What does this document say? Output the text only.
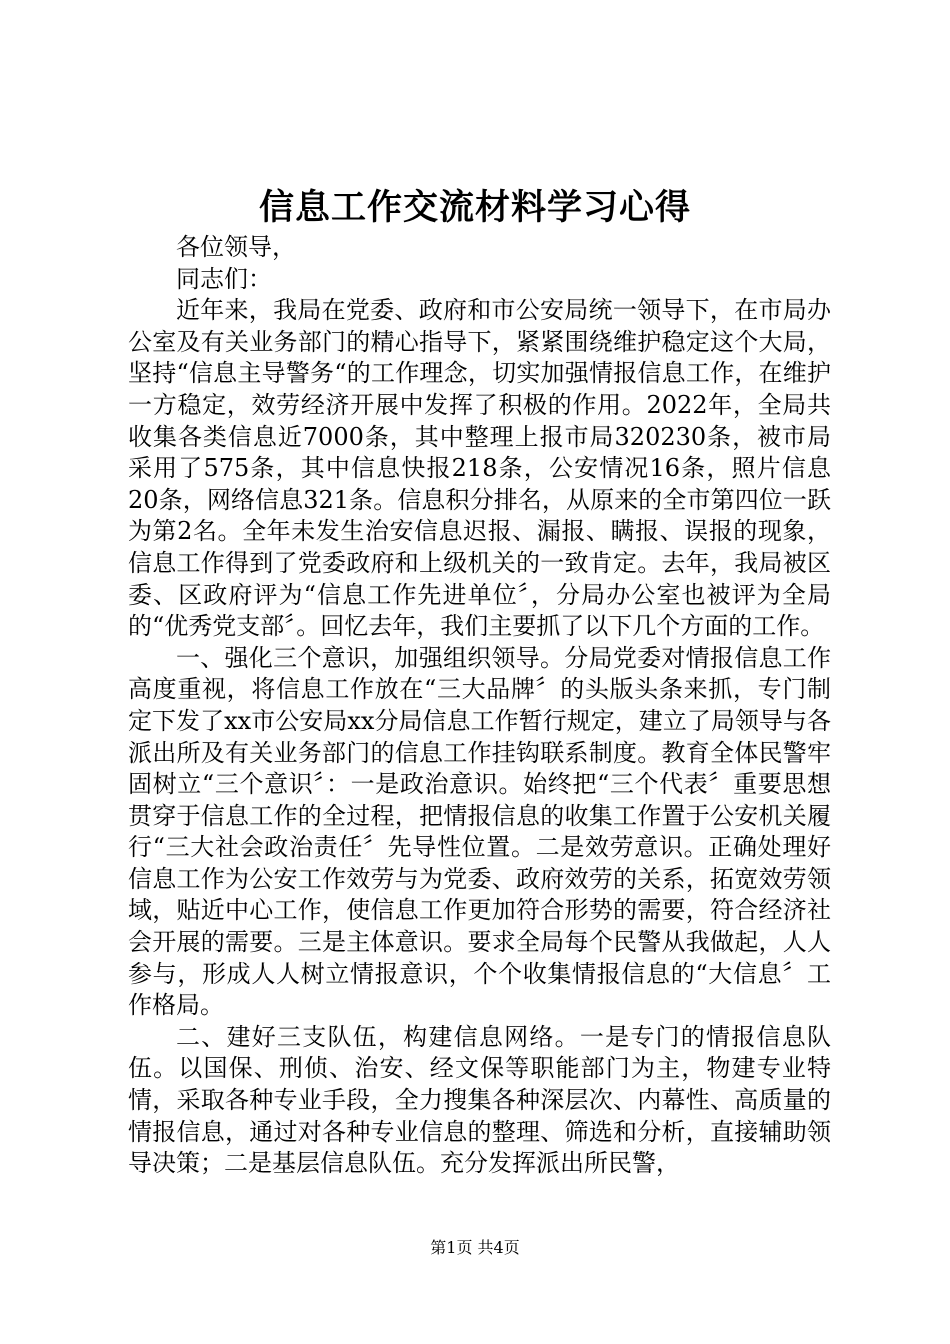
信息工作交流材料学习心得

各位领导，

同志们：

近年来，我局在党委、政府和市公安局统一领导下，在市局办公室及有关业务部门的精心指导下，紧紧围绕维护稳定这个大局，坚持“信息主导警务“的工作理念，切实加强情报信息工作，在维护一方稳定，效劳经济开展中发挥了积极的作用。2022年，全局共收集各类信息近7000条，其中整理上报市局320230条，被市局采用了575条，其中信息快报218条，公安情况16条，照片信息20条，网络信息321条。信息积分排名，从原来的全市第四位一跃为第2名。全年未发生治安信息迟报、漏报、瞒报、误报的现象，信息工作得到了党委政府和上级机关的一致肯定。去年，我局被区委、区政府评为“信息工作先进单位〞，分局办公室也被评为全局的“优秀党支部〞。回忆去年，我们主要抓了以下几个方面的工作。

一、强化三个意识，加强组织领导。分局党委对情报信息工作高度重视，将信息工作放在“三大品牌〞的头版头条来抓，专门制定下发了xx市公安局xx分局信息工作暂行规定，建立了局领导与各派出所及有关业务部门的信息工作挂钩联系制度。教育全体民警牢固树立“三个意识〞：一是政治意识。始终把“三个代表〞重要思想贯穿于信息工作的全过程，把情报信息的收集工作置于公安机关履行“三大社会政治责任〞先导性位置。二是效劳意识。正确处理好信息工作为公安工作效劳与为党委、政府效劳的关系，拓宽效劳领域，贴近中心工作，使信息工作更加符合形势的需要，符合经济社会开展的需要。三是主体意识。要求全局每个民警从我做起，人人参与，形成人人树立情报意识，个个收集情报信息的“大信息〞工作格局。

二、建好三支队伍，构建信息网络。一是专门的情报信息队伍。以国保、刑侦、治安、经文保等职能部门为主，物建专业特情，采取各种专业手段，全力搜集各种深层次、内幕性、高质量的情报信息，通过对各种专业信息的整理、筛选和分析，直接辅助领导决策；二是基层信息队伍。充分发挥派出所民警，

第1页 共4页
